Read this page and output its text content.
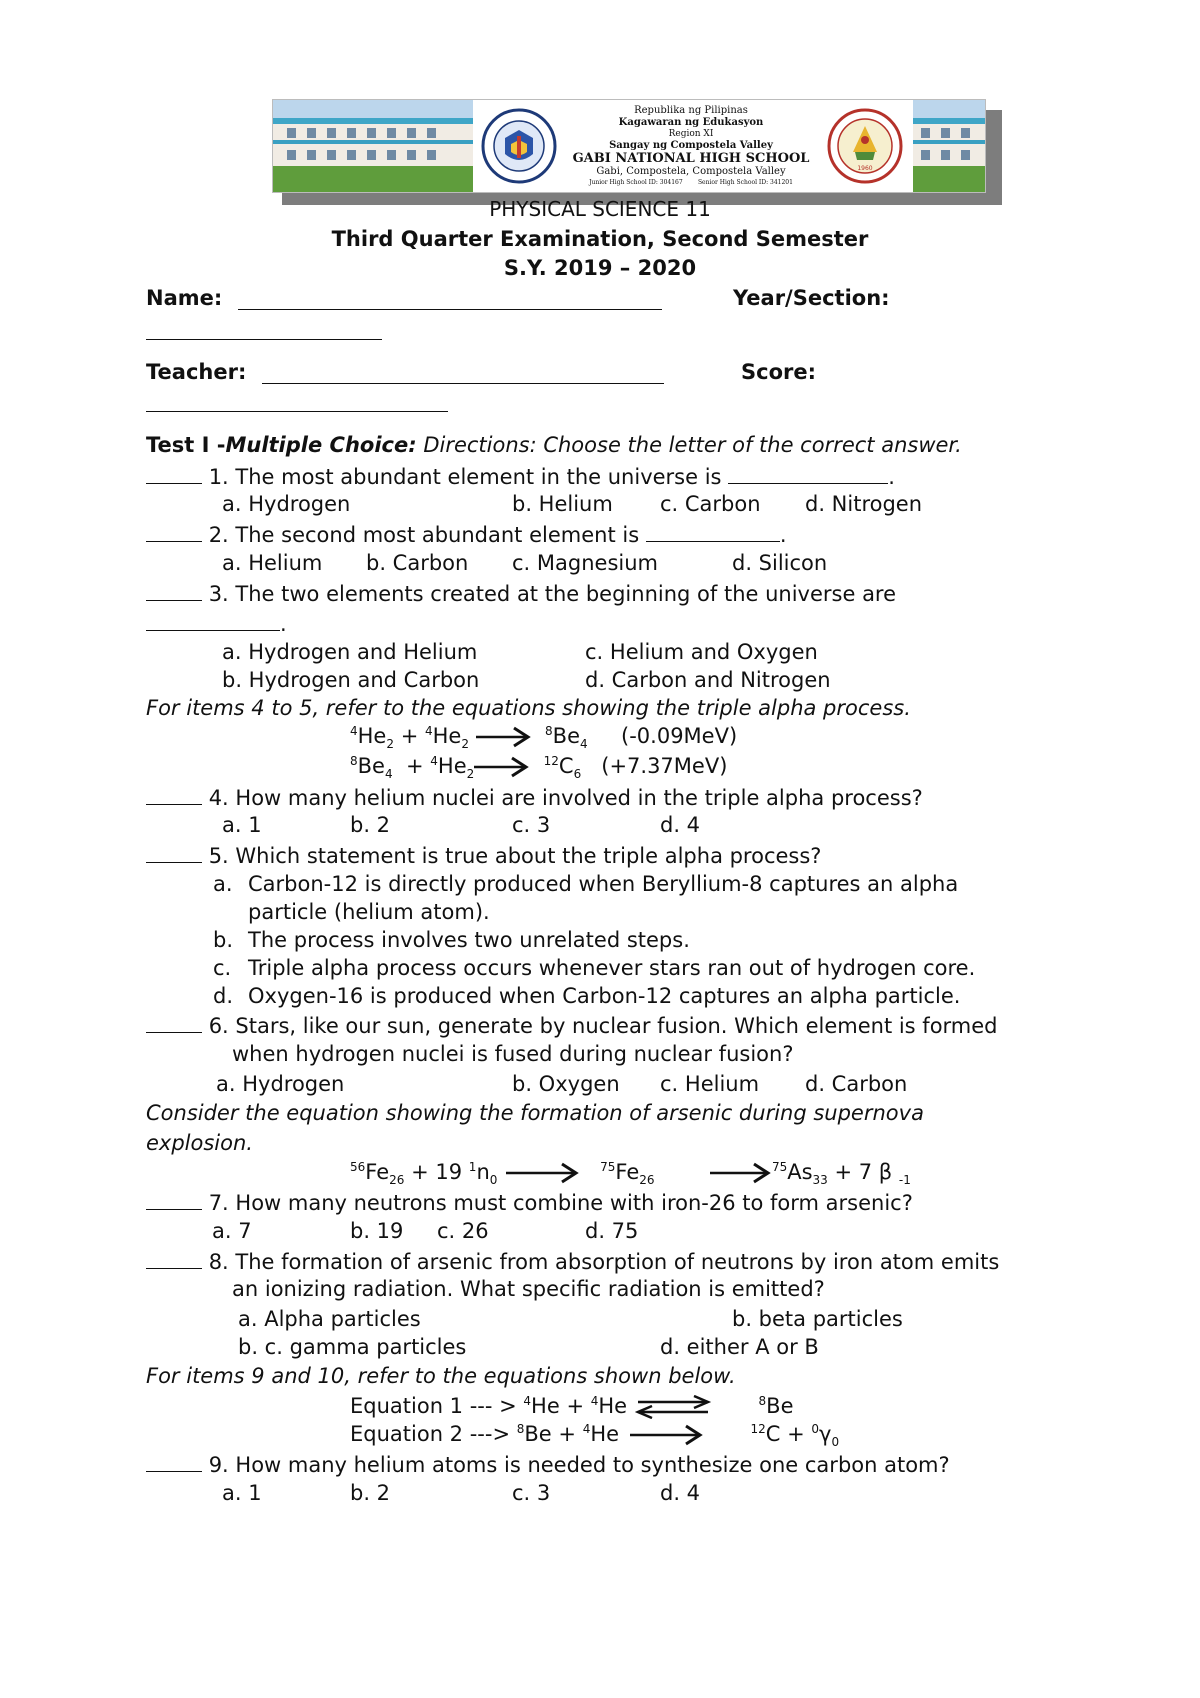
1960
Republika ng Pilipinas
Kagawaran ng Edukasyon
Region XI
Sangay ng Compostela Valley
GABI NATIONAL HIGH SCHOOL
Gabi, Compostela, Compostela Valley
Junior High School ID: 304167	Senior High School ID: 341201
PHYSICAL SCIENCE 11
Third Quarter Examination, Second Semester
S.Y. 2019 – 2020
Name:	Year/Section:
Teacher:	Score:
Test I -Multiple Choice: Directions: Choose the letter of the correct answer.
1. The most abundant element in the universe is	.
a. Hydrogen	b. Helium c. Carbon d. Nitrogen
2. The second most abundant element is	.
a. Helium b. Carbon c. Magnesium	d. Silicon
3. The two elements created at the beginning of the universe are
.
a. Hydrogen and Helium	c. Helium and Oxygen
b. Hydrogen and Carbon	d. Carbon and Nitrogen
For items 4 to 5, refer to the equations showing the triple alpha process.
$^4He_2 + ^4He_2 \to ^8Be_4$ (-0.09MeV)
$^8Be_4 + ^4He_2\to ^{12}C_6$ (+7.37MeV)
4. How many helium nuclei are involved in the triple alpha process?
a. 1	b. 2	c. 3	d. 4
5. Which statement is true about the triple alpha process?
a. Carbon-12 is directly produced when Beryllium-8 captures an alpha
particle (helium atom).
b. The process involves two unrelated steps.
c. Triple alpha process occurs whenever stars ran out of hydrogen core.
d. Oxygen-16 is produced when Carbon-12 captures an alpha particle.
6. Stars, like our sun, generate by nuclear fusion. Which element is formed
when hydrogen nuclei is fused during nuclear fusion?
a. Hydrogen	b. Oxygen c. Helium d. Carbon
Consider the equation showing the formation of arsenic during supernova
explosion.
$^{56}Fe_{26} + 19$ $^1n_0 \to ^{75}Fe_{26}$	$\to^{75}As_{33} + 7$ β $_{-1}$
7. How many neutrons must combine with iron-26 to form arsenic?
a. 7	b. 19 c. 26	d. 75
8. The formation of arsenic from absorption of neutrons by iron atom emits
an ionizing radiation. What specific radiation is emitted?
a. Alpha particles	b. beta particles
b. c. gamma particles	d. either A or B
For items 9 and 10, refer to the equations shown below.
Equation 1 --- > $^4$He + $^4$He ⇌	$^8$Be
Equation 2 ---> $^8$Be + $^4$He →	$^{12}C + ^0\gamma_0$
9. How many helium atoms is needed to synthesize one carbon atom?
a. 1	b. 2	c. 3	d. 4
